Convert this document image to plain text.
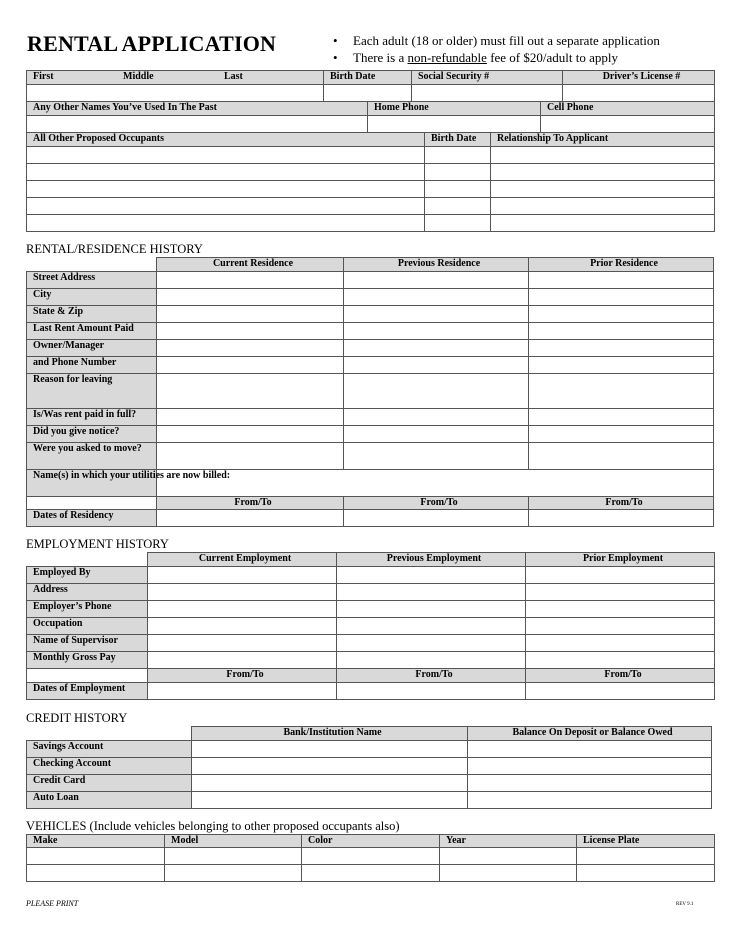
RENTAL APPLICATION	• Each adult (18 or older) must fill out a separate application
• There is a non-refundable fee of $20/adult to apply
First Middle Last	Birth Date	Social Security #	Driver’s License #

Any Other Names You’ve Used In The Past	Home Phone	Cell Phone

All Other Proposed Occupants	Birth Date	Relationship To Applicant

RENTAL/RESIDENCE HISTORY
	Current Residence	Previous Residence	Prior Residence
Street Address			
City			
State & Zip			
Last Rent Amount Paid			
Owner/Manager			
and Phone Number			
Reason for leaving			
Is/Was rent paid in full?			
Did you give notice?			
Were you asked to move?			
Name(s) in which your utilities are now billed:			
	From/To	From/To	From/To
Dates of Residency			
EMPLOYMENT HISTORY
	Current Employment	Previous Employment	Prior Employment
Employed By			
Address			
Employer’s Phone			
Occupation			
Name of Supervisor			
Monthly Gross Pay			
	From/To	From/To	From/To
Dates of Employment			
CREDIT HISTORY
	Bank/Institution Name	Balance On Deposit or Balance Owed
Savings Account		
Checking Account		
Credit Card		
Auto Loan		
VEHICLES (Include vehicles belonging to other proposed occupants also)
Make	Model	Color	Year	License Plate

PLEASE PRINT	REV 9.1
